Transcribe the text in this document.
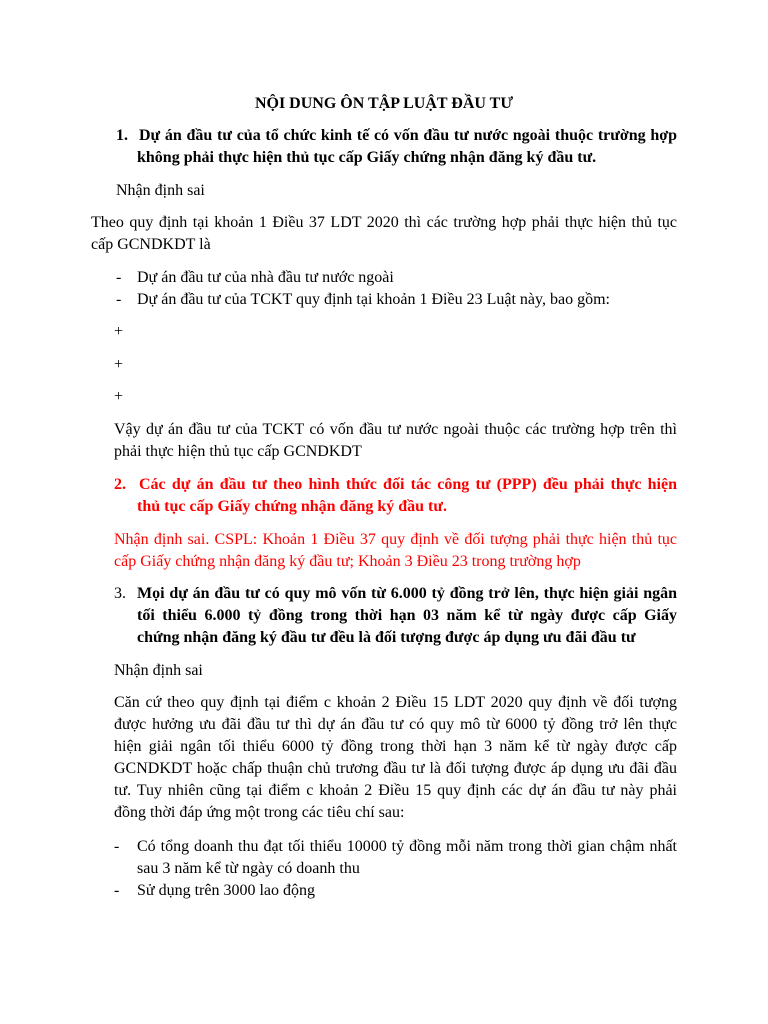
NỘI DUNG ÔN TẬP LUẬT ĐẦU TƯ
1. Dự án đầu tư của tổ chức kinh tế có vốn đầu tư nước ngoài thuộc trường hợp
không phải thực hiện thủ tục cấp Giấy chứng nhận đăng ký đầu tư.
Nhận định sai
Theo quy định tại khoản 1 Điều 37 LDT 2020 thì các trường hợp phải thực hiện thủ tục
cấp GCNDKDT là
- Dự án đầu tư của nhà đầu tư nước ngoài
- Dự án đầu tư của TCKT quy định tại khoản 1 Điều 23 Luật này, bao gồm:
+
+
+
Vậy dự án đầu tư của TCKT có vốn đầu tư nước ngoài thuộc các trường hợp trên thì
phải thực hiện thủ tục cấp GCNDKDT
2. Các dự án đầu tư theo hình thức đối tác công tư (PPP) đều phải thực hiện
thủ tục cấp Giấy chứng nhận đăng ký đầu tư.
Nhận định sai. CSPL: Khoản 1 Điều 37 quy định về đối tượng phải thực hiện thủ tục
cấp Giấy chứng nhận đăng ký đầu tư; Khoản 3 Điều 23 trong trường hợp
3. Mọi dự án đầu tư có quy mô vốn từ 6.000 tỷ đồng trở lên, thực hiện giải ngân
tối thiểu 6.000 tỷ đồng trong thời hạn 03 năm kể từ ngày được cấp Giấy
chứng nhận đăng ký đầu tư đều là đối tượng được áp dụng ưu đãi đầu tư
Nhận định sai
Căn cứ theo quy định tại điểm c khoản 2 Điều 15 LDT 2020 quy định về đối tượng
được hưởng ưu đãi đầu tư thì dự án đầu tư có quy mô từ 6000 tỷ đồng trở lên thực
hiện giải ngân tối thiểu 6000 tỷ đồng trong thời hạn 3 năm kể từ ngày được cấp
GCNDKDT hoặc chấp thuận chủ trương đầu tư là đối tượng được áp dụng ưu đãi đầu
tư. Tuy nhiên cũng tại điểm c khoản 2 Điều 15 quy định các dự án đầu tư này phải
đồng thời đáp ứng một trong các tiêu chí sau:
- Có tổng doanh thu đạt tối thiểu 10000 tỷ đồng mỗi năm trong thời gian chậm nhất
sau 3 năm kể từ ngày có doanh thu
- Sử dụng trên 3000 lao động
